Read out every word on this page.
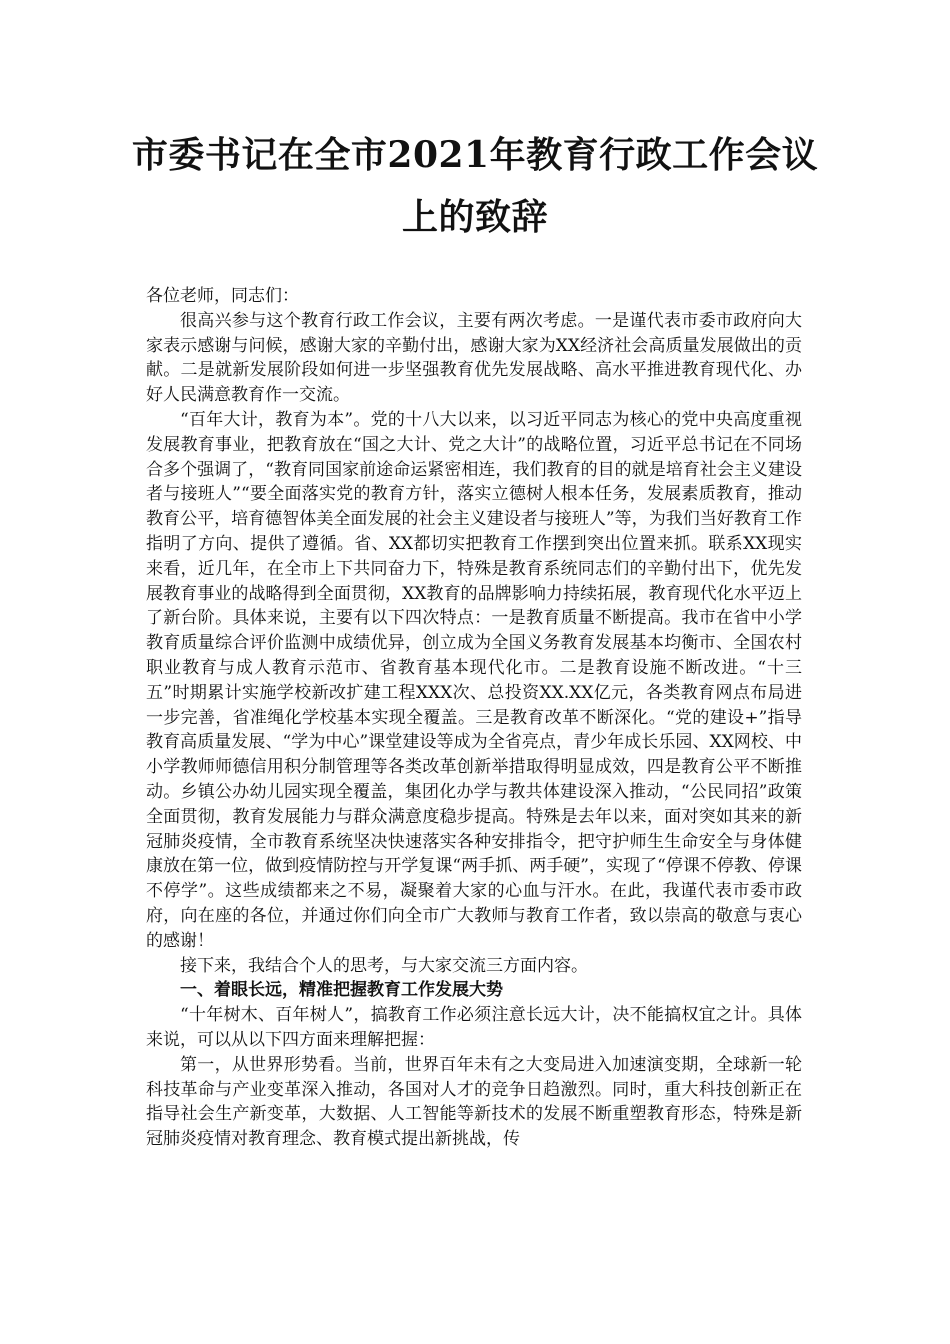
市委书记在全市2021年教育行政工作会议
上的致辞

各位老师，同志们：

很高兴参与这个教育行政工作会议，主要有两次考虑。一是谨代表市委市政府向大家表示感谢与问候，感谢大家的辛勤付出，感谢大家为XX经济社会高质量发展做出的贡献。二是就新发展阶段如何进一步坚强教育优先发展战略、高水平推进教育现代化、办好人民满意教育作一交流。

“百年大计，教育为本”。党的十八大以来，以习近平同志为核心的党中央高度重视发展教育事业，把教育放在“国之大计、党之大计”的战略位置，习近平总书记在不同场合多个强调了，“教育同国家前途命运紧密相连，我们教育的目的就是培育社会主义建设者与接班人”“要全面落实党的教育方针，落实立德树人根本任务，发展素质教育，推动教育公平，培育德智体美全面发展的社会主义建设者与接班人”等，为我们当好教育工作指明了方向、提供了遵循。省、XX都切实把教育工作摆到突出位置来抓。联系XX现实来看，近几年，在全市上下共同奋力下，特殊是教育系统同志们的辛勤付出下，优先发展教育事业的战略得到全面贯彻，XX教育的品牌影响力持续拓展，教育现代化水平迈上了新台阶。具体来说，主要有以下四次特点：一是教育质量不断提高。我市在省中小学教育质量综合评价监测中成绩优异，创立成为全国义务教育发展基本均衡市、全国农村职业教育与成人教育示范市、省教育基本现代化市。二是教育设施不断改进。“十三五”时期累计实施学校新改扩建工程XXX次、总投资XX.XX亿元，各类教育网点布局进一步完善，省准绳化学校基本实现全覆盖。三是教育改革不断深化。“党的建设+”指导教育高质量发展、“学为中心”课堂建设等成为全省亮点，青少年成长乐园、XX网校、中小学教师师德信用积分制管理等各类改革创新举措取得明显成效，四是教育公平不断推动。乡镇公办幼儿园实现全覆盖，集团化办学与教共体建设深入推动，“公民同招”政策全面贯彻，教育发展能力与群众满意度稳步提高。特殊是去年以来，面对突如其来的新冠肺炎疫情，全市教育系统坚决快速落实各种安排指令，把守护师生生命安全与身体健康放在第一位，做到疫情防控与开学复课“两手抓、两手硬”，实现了“停课不停教、停课不停学”。这些成绩都来之不易，凝聚着大家的心血与汗水。在此，我谨代表市委市政府，向在座的各位，并通过你们向全市广大教师与教育工作者，致以崇高的敬意与衷心的感谢！

接下来，我结合个人的思考，与大家交流三方面内容。

一、着眼长远，精准把握教育工作发展大势

“十年树木、百年树人”，搞教育工作必须注意长远大计，决不能搞权宜之计。具体来说，可以从以下四方面来理解把握：

第一，从世界形势看。当前，世界百年未有之大变局进入加速演变期，全球新一轮科技革命与产业变革深入推动，各国对人才的竞争日趋激烈。同时，重大科技创新正在指导社会生产新变革，大数据、人工智能等新技术的发展不断重塑教育形态，特殊是新冠肺炎疫情对教育理念、教育模式提出新挑战，传
